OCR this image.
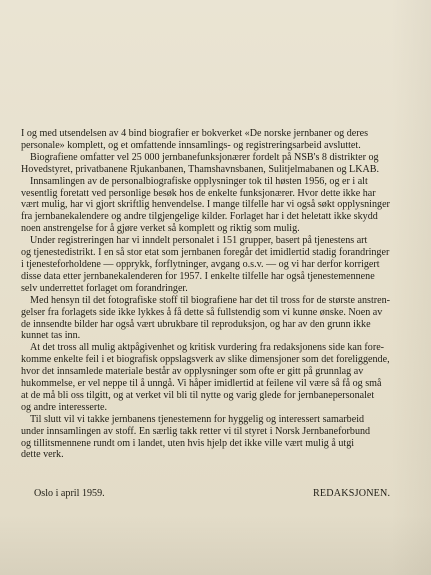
I og med utsendelsen av 4 bind biografier er bokverket «De norske jernbaner og deres
personale» komplett, og et omfattende innsamlings- og registreringsarbeid avsluttet.

Biografiene omfatter vel 25 000 jernbanefunksjonærer fordelt på NSB's 8 distrikter og
Hovedstyret, privatbanene Rjukanbanen, Thamshavnsbanen, Sulitjelmabanen og LKAB.

Innsamlingen av de personalbiografiske opplysninger tok til høsten 1956, og er i alt
vesentlig foretatt ved personlige besøk hos de enkelte funksjonærer. Hvor dette ikke har
vært mulig, har vi gjort skriftlig henvendelse. I mange tilfelle har vi også søkt opplysninger
fra jernbanekalendere og andre tilgjengelige kilder. Forlaget har i det heletatt ikke skydd
noen anstrengelse for å gjøre verket så komplett og riktig som mulig.

Under registreringen har vi inndelt personalet i 151 grupper, basert på tjenestens art
og tjenestedistrikt. I en så stor etat som jernbanen foregår det imidlertid stadig forandringer
i tjenesteforholdene — opprykk, forflytninger, avgang o.s.v. — og vi har derfor korrigert
disse data etter jernbanekalenderen for 1957. I enkelte tilfelle har også tjenestemennene
selv underrettet forlaget om forandringer.

Med hensyn til det fotografiske stoff til biografiene har det til tross for de største anstren-
gelser fra forlagets side ikke lykkes å få dette så fullstendig som vi kunne ønske. Noen av
de innsendte bilder har også vært ubrukbare til reproduksjon, og har av den grunn ikke
kunnet tas inn.

At det tross all mulig aktpågivenhet og kritisk vurdering fra redaksjonens side kan fore-
komme enkelte feil i et biografisk oppslagsverk av slike dimensjoner som det foreliggende,
hvor det innsamlede materiale består av opplysninger som ofte er gitt på grunnlag av
hukommelse, er vel neppe til å unngå. Vi håper imidlertid at feilene vil være så få og små
at de må bli oss tilgitt, og at verket vil bli til nytte og varig glede for jernbanepersonalet
og andre interesserte.

Til slutt vil vi takke jernbanens tjenestemenn for hyggelig og interessert samarbeid
under innsamlingen av stoff. En særlig takk retter vi til styret i Norsk Jernbaneforbund
og tillitsmennene rundt om i landet, uten hvis hjelp det ikke ville vært mulig å utgi
dette verk.

Oslo i april 1959.	REDAKSJONEN.
